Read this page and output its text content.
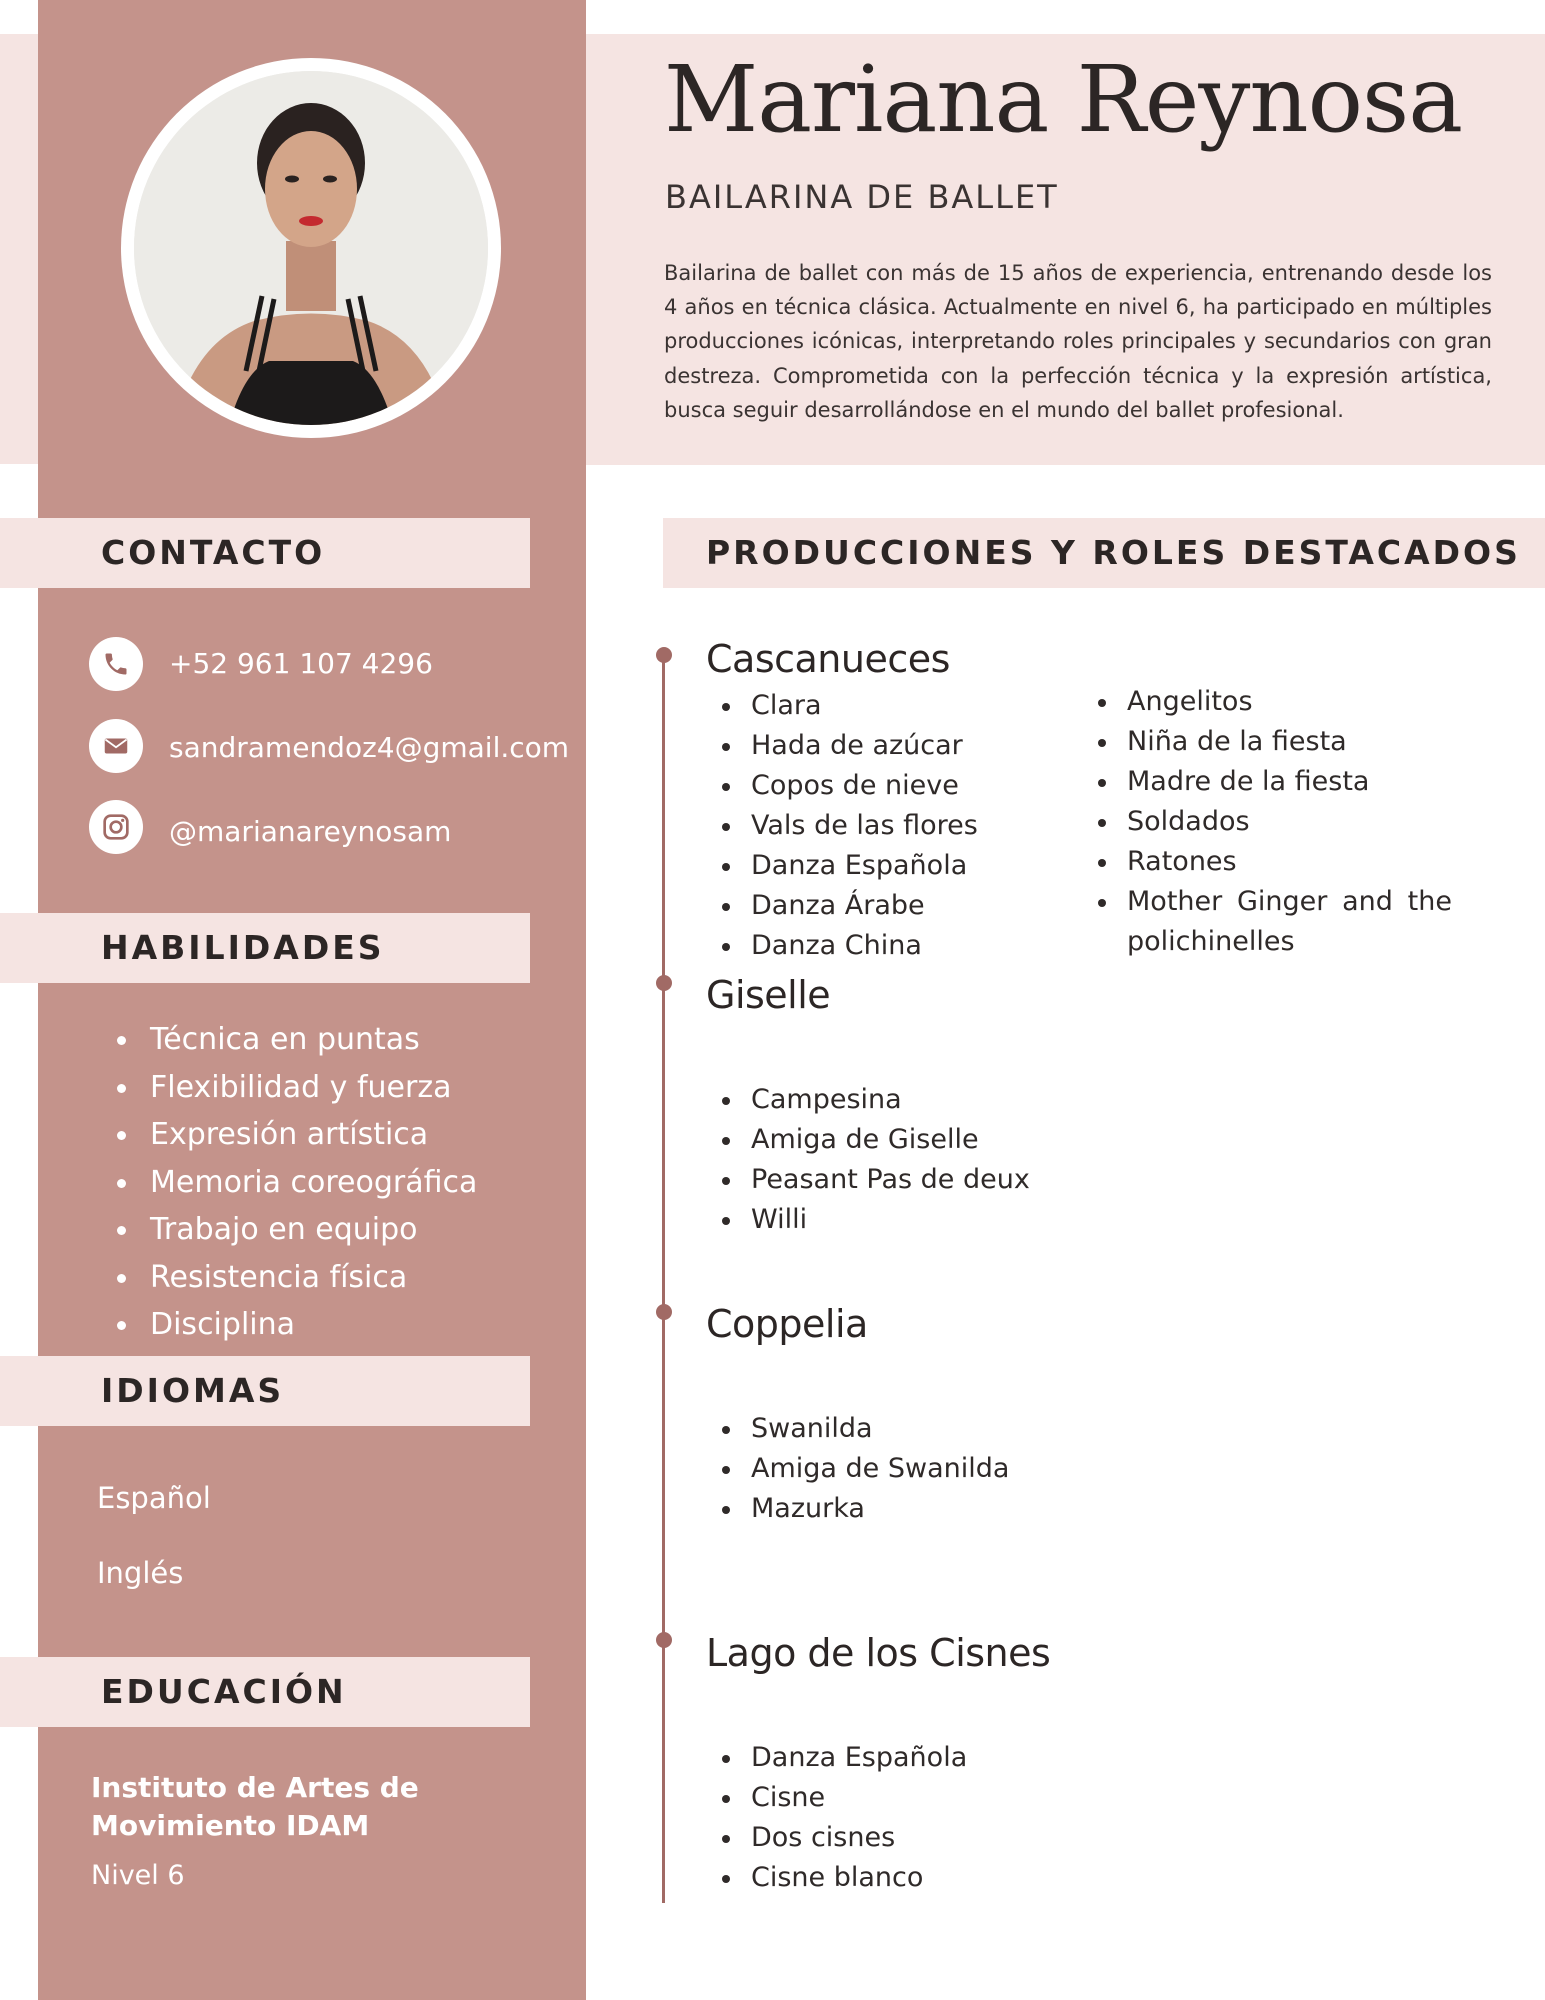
Mariana Reynosa
BAILARINA DE BALLET
Bailarina de ballet con más de 15 años de experiencia, entrenando desde los 4 años en técnica clásica. Actualmente en nivel 6, ha participado en múltiples producciones icónicas, interpretando roles principales y secundarios con gran destreza. Comprometida con la perfección técnica y la expresión artística, busca seguir desarrollándose en el mundo del ballet profesional.
CONTACTO
+52 961 107 4296
sandramendoz4@gmail.com
@marianareynosam
HABILIDADES
Técnica en puntas
Flexibilidad y fuerza
Expresión artística
Memoria coreográfica
Trabajo en equipo
Resistencia física
Disciplina
IDIOMAS
Español
Inglés
EDUCACIÓN
Instituto de Artes de Movimiento IDAM
Nivel 6
PRODUCCIONES Y ROLES DESTACADOS
Cascanueces
Clara
Hada de azúcar
Copos de nieve
Vals de las flores
Danza Española
Danza Árabe
Danza China
Angelitos
Niña de la fiesta
Madre de la fiesta
Soldados
Ratones
Mother Ginger and the polichinelles
Giselle
Campesina
Amiga de Giselle
Peasant Pas de deux
Willi
Coppelia
Swanilda
Amiga de Swanilda
Mazurka
Lago de los Cisnes
Danza Española
Cisne
Dos cisnes
Cisne blanco
